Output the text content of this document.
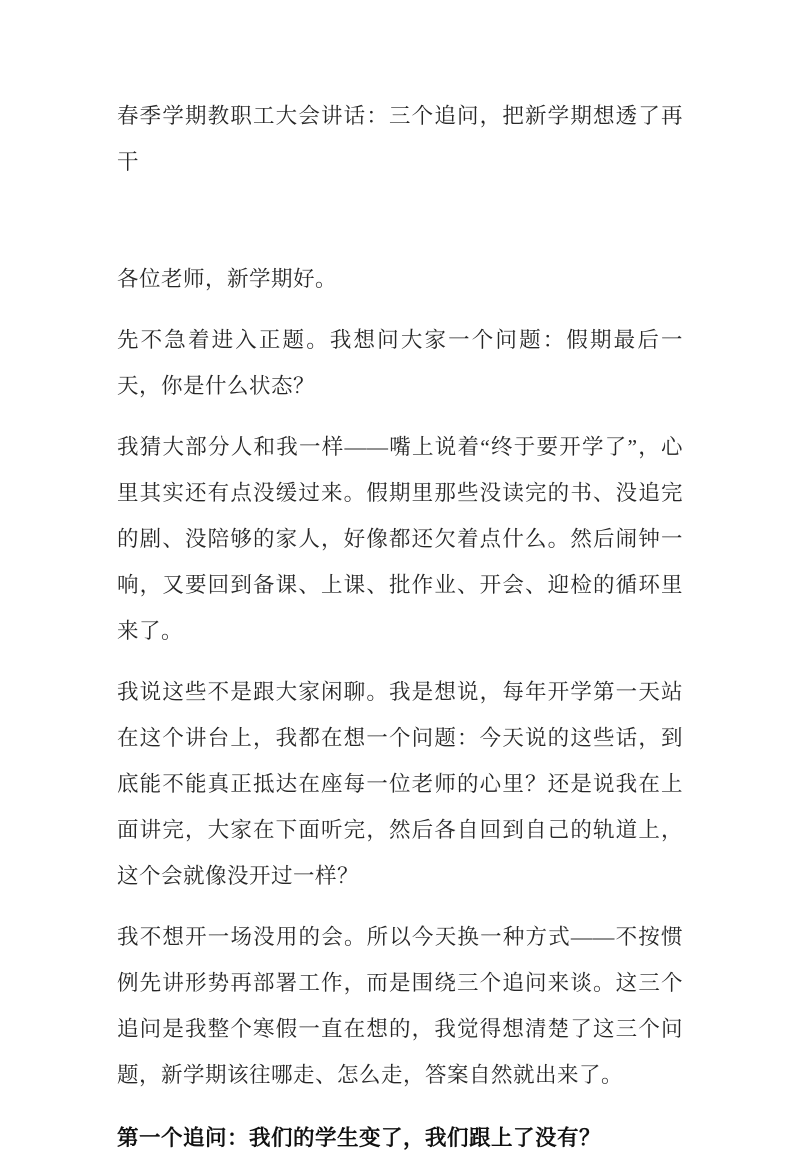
春季学期教职工大会讲话：三个追问，把新学期想透了再干

各位老师，新学期好。

先不急着进入正题。我想问大家一个问题：假期最后一天，你是什么状态？

我猜大部分人和我一样——嘴上说着“终于要开学了”，心里其实还有点没缓过来。假期里那些没读完的书、没追完的剧、没陪够的家人，好像都还欠着点什么。然后闹钟一响，又要回到备课、上课、批作业、开会、迎检的循环里来了。

我说这些不是跟大家闲聊。我是想说，每年开学第一天站在这个讲台上，我都在想一个问题：今天说的这些话，到底能不能真正抵达在座每一位老师的心里？还是说我在上面讲完，大家在下面听完，然后各自回到自己的轨道上，这个会就像没开过一样？

我不想开一场没用的会。所以今天换一种方式——不按惯例先讲形势再部署工作，而是围绕三个追问来谈。这三个追问是我整个寒假一直在想的，我觉得想清楚了这三个问题，新学期该往哪走、怎么走，答案自然就出来了。

第一个追问：我们的学生变了，我们跟上了没有？
